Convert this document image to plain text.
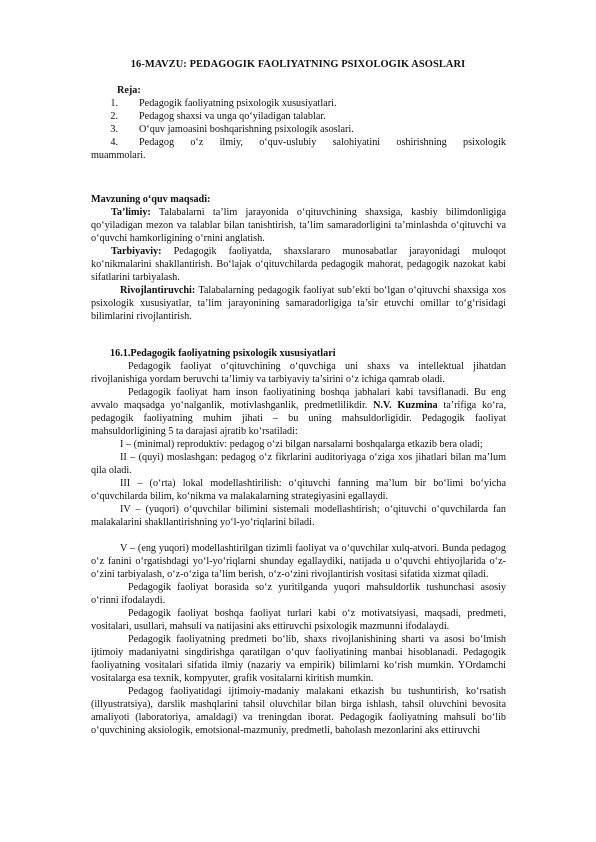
16-MAVZU: PEDAGOGIK FAOLIYATNING PSIXOLOGIK ASOSLARI
Reja:
1.	Pedagogik faoliyatning psixologik xususiyatlari.
2.	Pedagog shaxsi va unga qo‘yiladigan talablar.
3.	O‘quv jamoasini boshqarishning psixologik asoslari.
4.	Pedagog o‘z ilmiy, o‘quv-uslubiy salohiyatini oshirishning psixologik
muammolari.

Mavzuning o‘quv maqsadi:

Ta’limiy: Talabalarni ta’lim jarayonida o‘qituvchining shaxsiga, kasbiy bilimdonligiga qo‘yiladigan mezon va talablar bilan tanishtirish, ta’lim samaradorligini ta’minlashda o‘qituvchi va o‘quvchi hamkorligining o‘rnini anglatish.

Tarbiyaviy: Pedagogik faoliyatda, shaxslararo munosabatlar jarayonidagi muloqot ko‘nikmalarini shakllantirish. Bo‘lajak o‘qituvchilarda pedagogik mahorat, pedagogik nazokat kabi sifatlarini tarbiyalash.

Rivojlantiruvchi: Talabalarning pedagogik faoliyat sub’ekti bo‘lgan o‘qituvchi shaxsiga xos psixologik xususiyatlar, ta’lim jarayonining samaradorligiga ta’sir etuvchi omillar to‘g‘risidagi bilimlarini rivojlantirish.

16.1.Pedagogik faoliyatning psixologik xususiyatlari

Pedagogik faoliyat o‘qituvchining o‘quvchiga uni shaxs va intellektual jihatdan rivojlanishiga yordam beruvchi ta’limiy va tarbiyaviy ta’sirini o‘z ichiga qamrab oladi.

Pedagogik faoliyat ham inson faoliyatining boshqa jabhalari kabi tavsiflanadi. Bu eng avvalo maqsadga yo‘nalganlik, motivlashganlik, predmetlilikdir. N.V. Kuzmina ta’rifiga ko‘ra, pedagogik faoliyatning muhim jihati – bu uning mahsuldorligidir. Pedagogik faoliyat mahsuldorligining 5 ta darajasi ajratib ko‘rsatiladi:

I – (minimal) reproduktiv: pedagog o‘zi bilgan narsalarni boshqalarga etkazib bera oladi;

II – (quyi) moslashgan: pedagog o‘z fikrlarini auditoriyaga o‘ziga xos jihatlari bilan ma’lum qila oladi.

III – (o‘rta) lokal modellashtirilish: o‘qituvchi fanning ma’lum bir bo‘limi bo‘yicha o‘quvchilarda bilim, ko‘nikma va malakalarning strategiyasini egallaydi.

IV – (yuqori) o‘quvchilar bilimini sistemali modellashtirish; o‘qituvchi o‘quvchilarda fan malakalarini shakllantirishning yo‘l-yo‘riqlarini biladi.

V – (eng yuqori) modellashtirilgan tizimli faoliyat va o‘quvchilar xulq-atvori. Bunda pedagog o‘z fanini o‘rgatishdagi yo‘l-yo‘riqlarni shunday egallaydiki, natijada u o‘quvchi ehtiyojlarida o‘z-o‘zini tarbiyalash, o‘z-o‘ziga ta’lim berish, o‘z-o‘zini rivojlantirish vositasi sifatida xizmat qiladi.

Pedagogik faoliyat borasida so‘z yuritilganda yuqori mahsuldorlik tushunchasi asosiy o‘rinni ifodalaydi.

Pedagogik faoliyat boshqa faoliyat turlari kabi o‘z motivatsiyasi, maqsadi, predmeti, vositalari, usullari, mahsuli va natijasini aks ettiruvchi psixologik mazmunni ifodalaydi.

Pedagogik faoliyatning predmeti bo‘lib, shaxs rivojlanishining sharti va asosi bo‘lmish ijtimoiy madaniyatni singdirishga qaratilgan o‘quv faoliyatining manbai hisoblanadi. Pedagogik faoliyatning vositalari sifatida ilmiy (nazariy va empirik) bilimlarni ko‘rish mumkin. YOrdamchi vositalarga esa texnik, kompyuter, grafik vositalarni kiritish mumkin.

Pedagog faoliyatidagi ijtimoiy-madaniy malakani etkazish bu tushuntirish, ko‘rsatish (illyustratsiya), darslik mashqlarini tahsil oluvchilar bilan birga ishlash, tahsil oluvchini bevosita amaliyoti (laboratoriya, amaldagi) va treningdan iborat. Pedagogik faoliyatning mahsuli bo‘lib o‘quvchining aksiologik, emotsional-mazmuniy, predmetli, baholash mezonlarini aks ettiruvchi
